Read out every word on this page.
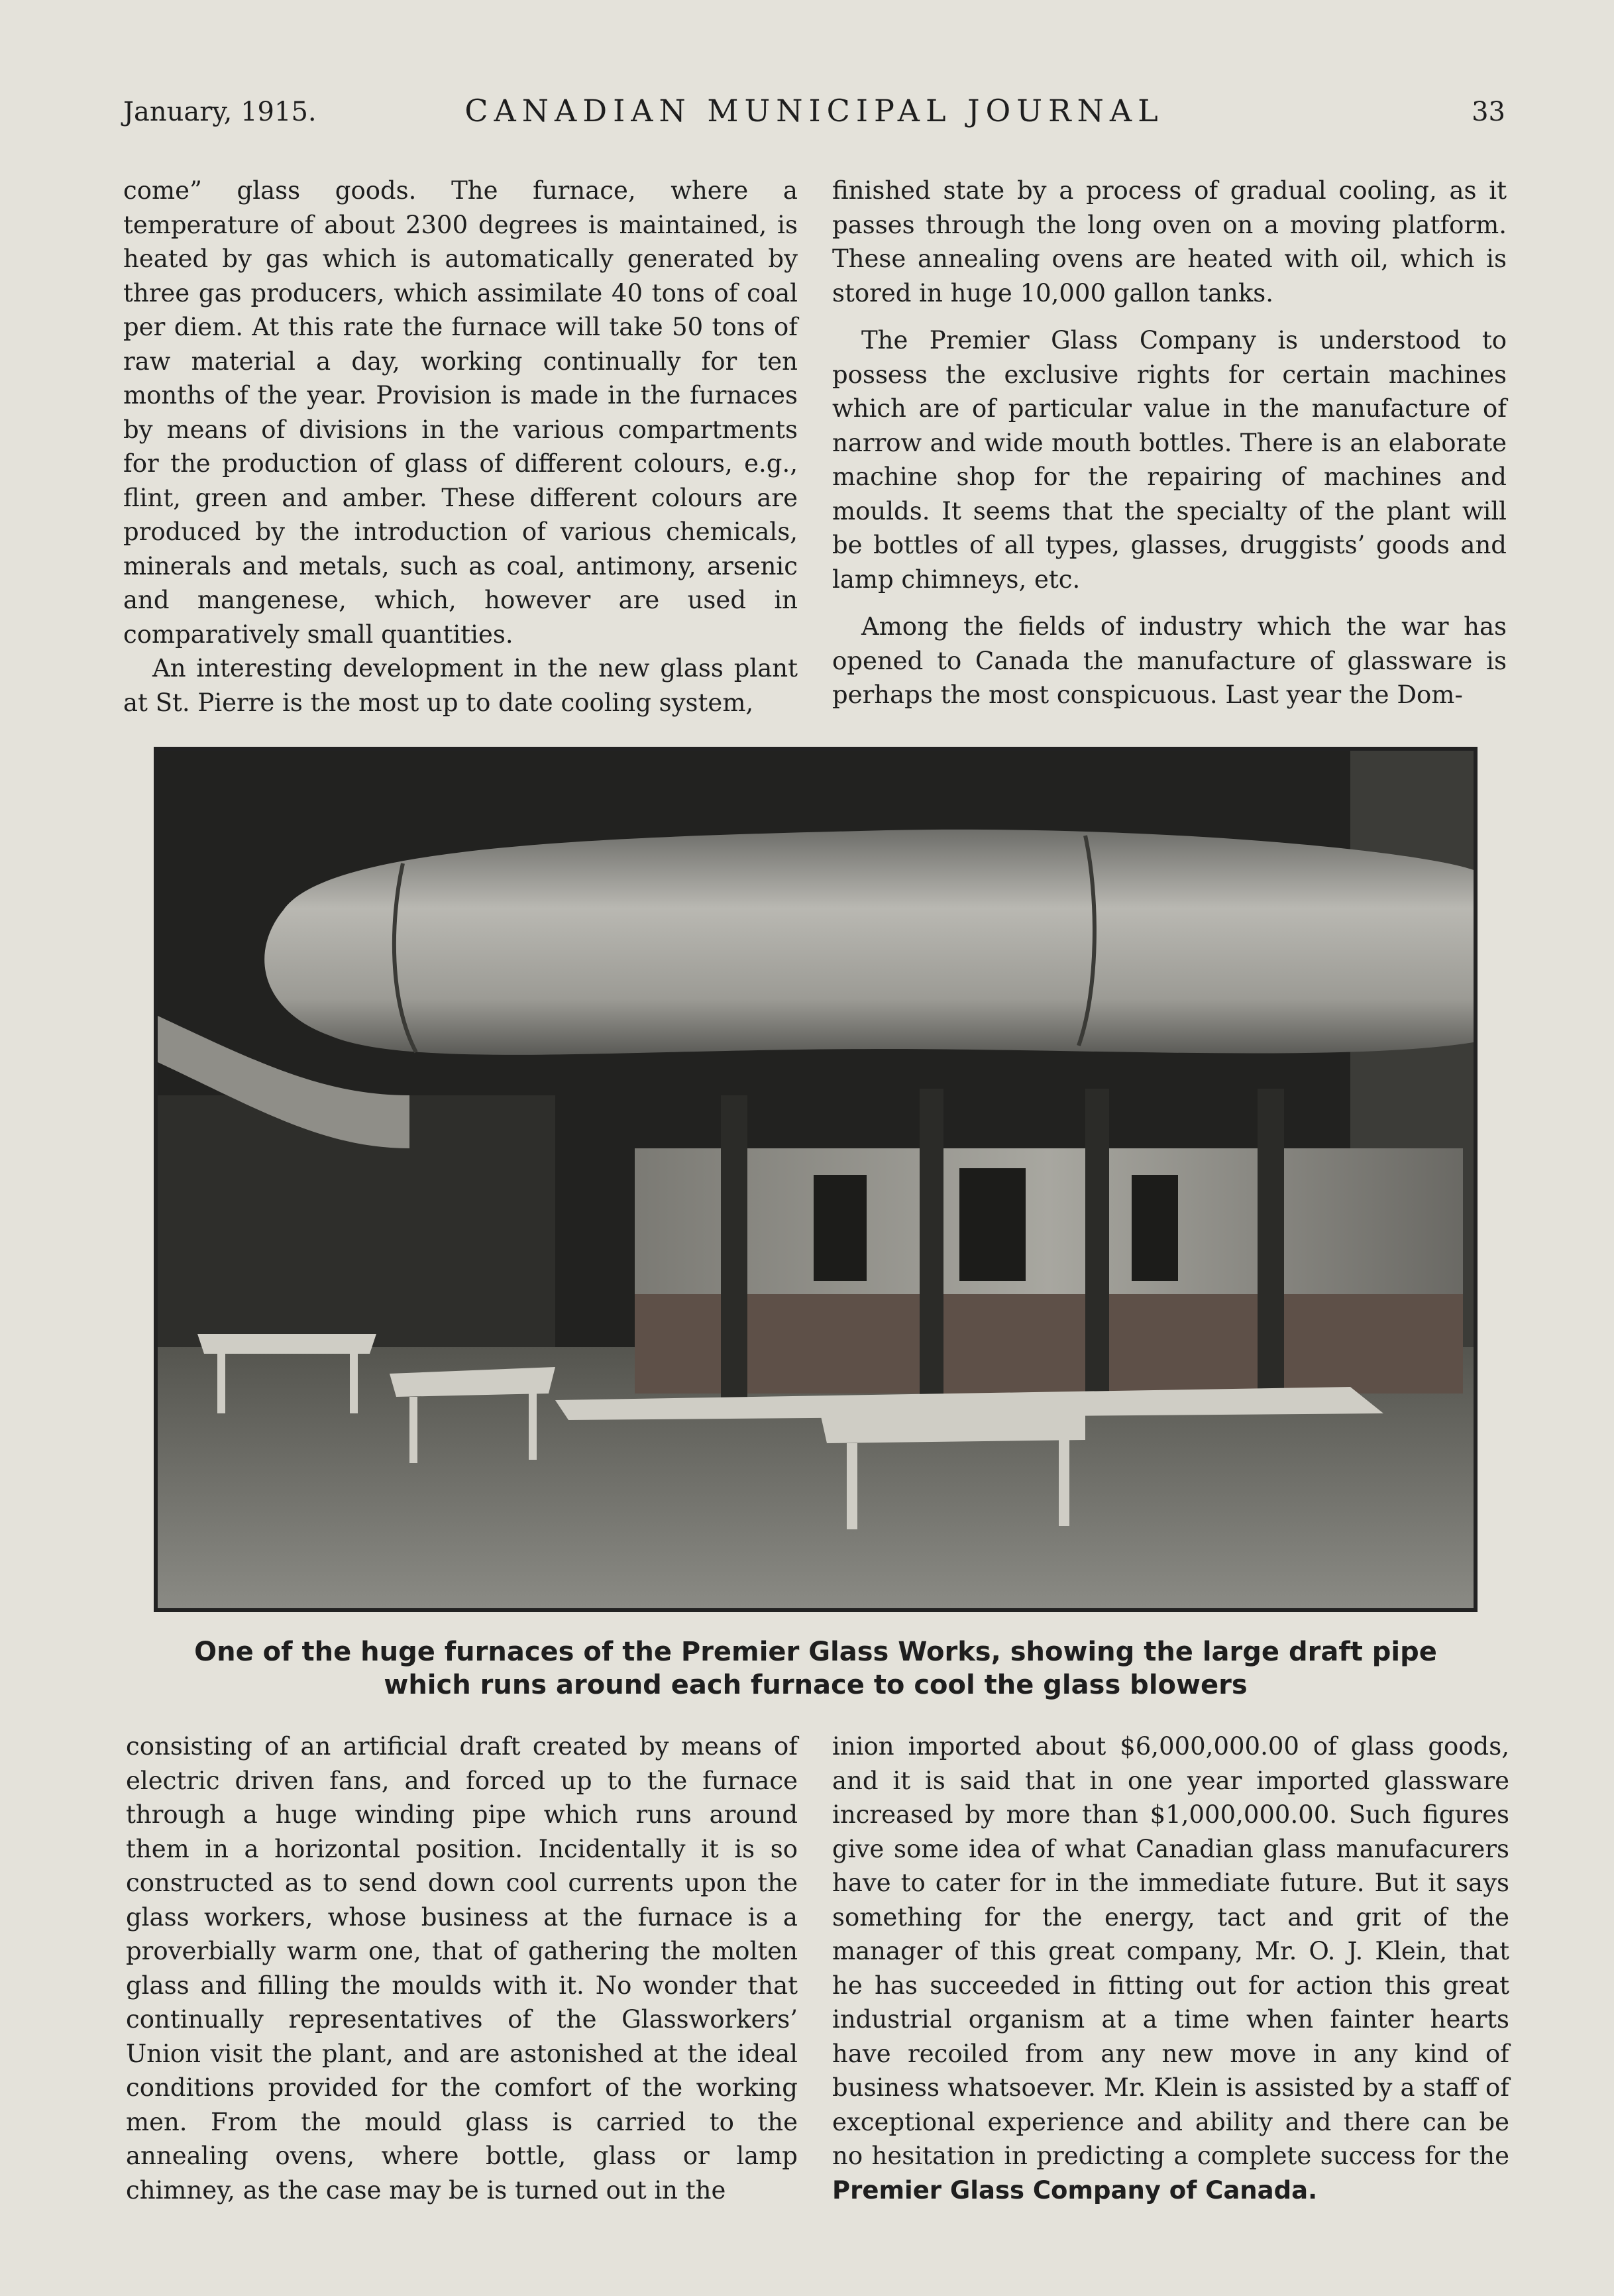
January, 1915.	CANADIAN MUNICIPAL JOURNAL	33

come” glass goods. The furnace, where a temperature of about 2300 degrees is maintained, is heated by gas which is automatically generated by three gas producers, which assimilate 40 tons of coal per diem. At this rate the furnace will take 50 tons of raw material a day, working continually for ten months of the year. Provision is made in the furnaces by means of divisions in the various compartments for the production of glass of different colours, e.g., flint, green and amber. These different colours are produced by the introduction of various chemicals, minerals and metals, such as coal, antimony, arsenic and mangenese, which, however are used in comparatively small quantities.

An interesting development in the new glass plant at St. Pierre is the most up to date cooling system,

finished state by a process of gradual cooling, as it passes through the long oven on a moving platform. These annealing ovens are heated with oil, which is stored in huge 10,000 gallon tanks.

The Premier Glass Company is understood to possess the exclusive rights for certain machines which are of particular value in the manufacture of narrow and wide mouth bottles. There is an elaborate machine shop for the repairing of machines and moulds. It seems that the specialty of the plant will be bottles of all types, glasses, druggists’ goods and lamp chimneys, etc.

Among the fields of industry which the war has opened to Canada the manufacture of glassware is perhaps the most conspicuous. Last year the Dom-

One of the huge furnaces of the Premier Glass Works, showing the large draft pipe
which runs around each furnace to cool the glass blowers

consisting of an artificial draft created by means of electric driven fans, and forced up to the furnace through a huge winding pipe which runs around them in a horizontal position. Incidentally it is so constructed as to send down cool currents upon the glass workers, whose business at the furnace is a proverbially warm one, that of gathering the molten glass and filling the moulds with it. No wonder that continually representatives of the Glassworkers’ Union visit the plant, and are astonished at the ideal conditions provided for the comfort of the working men. From the mould glass is carried to the annealing ovens, where bottle, glass or lamp chimney, as the case may be is turned out in the

inion imported about $6,000,000.00 of glass goods, and it is said that in one year imported glassware increased by more than $1,000,000.00. Such figures give some idea of what Canadian glass manufacurers have to cater for in the immediate future. But it says something for the energy, tact and grit of the manager of this great company, Mr. O. J. Klein, that he has succeeded in fitting out for action this great industrial organism at a time when fainter hearts have recoiled from any new move in any kind of business whatsoever. Mr. Klein is assisted by a staff of exceptional experience and ability and there can be no hesitation in predicting a complete success for the Premier Glass Company of Canada.
